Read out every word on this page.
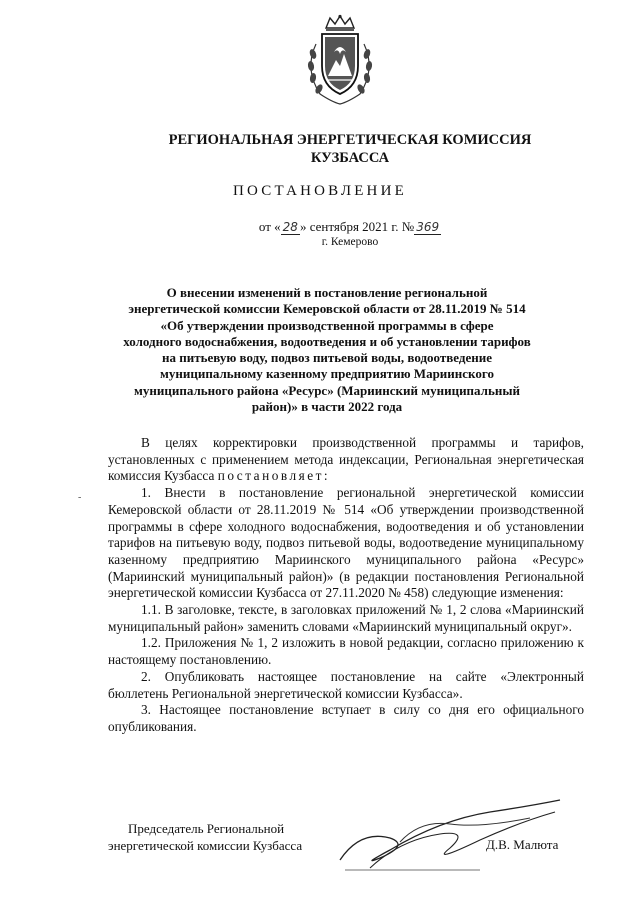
РЕГИОНАЛЬНАЯ ЭНЕРГЕТИЧЕСКАЯ КОМИССИЯ
КУЗБАССА
ПОСТАНОВЛЕНИЕ
от « 28 » сентября 2021 г. № 369
г. Кемерово
О внесении изменений в постановление региональной
энергетической комиссии Кемеровской области от 28.11.2019 № 514
«Об утверждении производственной программы в сфере
холодного водоснабжения, водоотведения и об установлении тарифов
на питьевую воду, подвоз питьевой воды, водоотведение
муниципальному казенному предприятию Мариинского
муниципального района «Ресурс» (Мариинский муниципальный
район)» в части 2022 года
-

В целях корректировки производственной программы и тарифов, установленных с применением метода индексации, Региональная энергетическая комиссия Кузбасса постановляет:

1. Внести в постановление региональной энергетической комиссии Кемеровской области от 28.11.2019 № 514 «Об утверждении производственной программы в сфере холодного водоснабжения, водоотведения и об установлении тарифов на питьевую воду, подвоз питьевой воды, водоотведение муниципальному казенному предприятию Мариинского муниципального района «Ресурс» (Мариинский муниципальный район)» (в редакции постановления Региональной энергетической комиссии Кузбасса от 27.11.2020 № 458) следующие изменения:

1.1. В заголовке, тексте, в заголовках приложений № 1, 2 слова «Мариинский муниципальный район» заменить словами «Мариинский муниципальный округ».

1.2. Приложения № 1, 2 изложить в новой редакции, согласно приложению к настоящему постановлению.

2. Опубликовать настоящее постановление на сайте «Электронный бюллетень Региональной энергетической комиссии Кузбасса».

3. Настоящее постановление вступает в силу со дня его официального опубликования.

Председатель Региональной
энергетической комиссии Кузбасса	Д.В. Малюта
